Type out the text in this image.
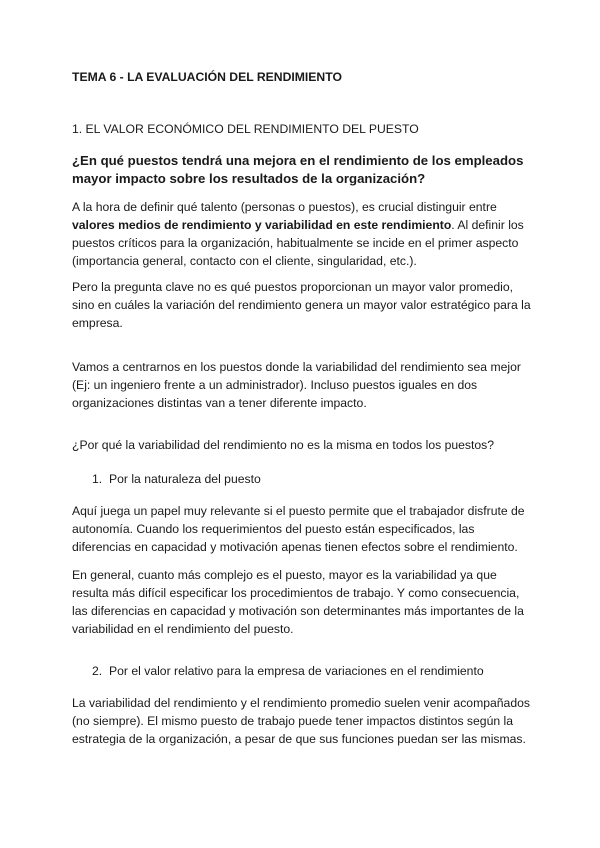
TEMA 6 - LA EVALUACIÓN DEL RENDIMIENTO

1. EL VALOR ECONÓMICO DEL RENDIMIENTO DEL PUESTO

¿En qué puestos tendrá una mejora en el rendimiento de los empleados mayor impacto sobre los resultados de la organización?

A la hora de definir qué talento (personas o puestos), es crucial distinguir entre valores medios de rendimiento y variabilidad en este rendimiento. Al definir los puestos críticos para la organización, habitualmente se incide en el primer aspecto (importancia general, contacto con el cliente, singularidad, etc.).

Pero la pregunta clave no es qué puestos proporcionan un mayor valor promedio, sino en cuáles la variación del rendimiento genera un mayor valor estratégico para la empresa.

Vamos a centrarnos en los puestos donde la variabilidad del rendimiento sea mejor (Ej: un ingeniero frente a un administrador). Incluso puestos iguales en dos organizaciones distintas van a tener diferente impacto.

¿Por qué la variabilidad del rendimiento no es la misma en todos los puestos?

1. Por la naturaleza del puesto

Aquí juega un papel muy relevante si el puesto permite que el trabajador disfrute de autonomía. Cuando los requerimientos del puesto están especificados, las diferencias en capacidad y motivación apenas tienen efectos sobre el rendimiento.

En general, cuanto más complejo es el puesto, mayor es la variabilidad ya que resulta más difícil especificar los procedimientos de trabajo. Y como consecuencia, las diferencias en capacidad y motivación son determinantes más importantes de la variabilidad en el rendimiento del puesto.

2. Por el valor relativo para la empresa de variaciones en el rendimiento

La variabilidad del rendimiento y el rendimiento promedio suelen venir acompañados (no siempre). El mismo puesto de trabajo puede tener impactos distintos según la estrategia de la organización, a pesar de que sus funciones puedan ser las mismas.
